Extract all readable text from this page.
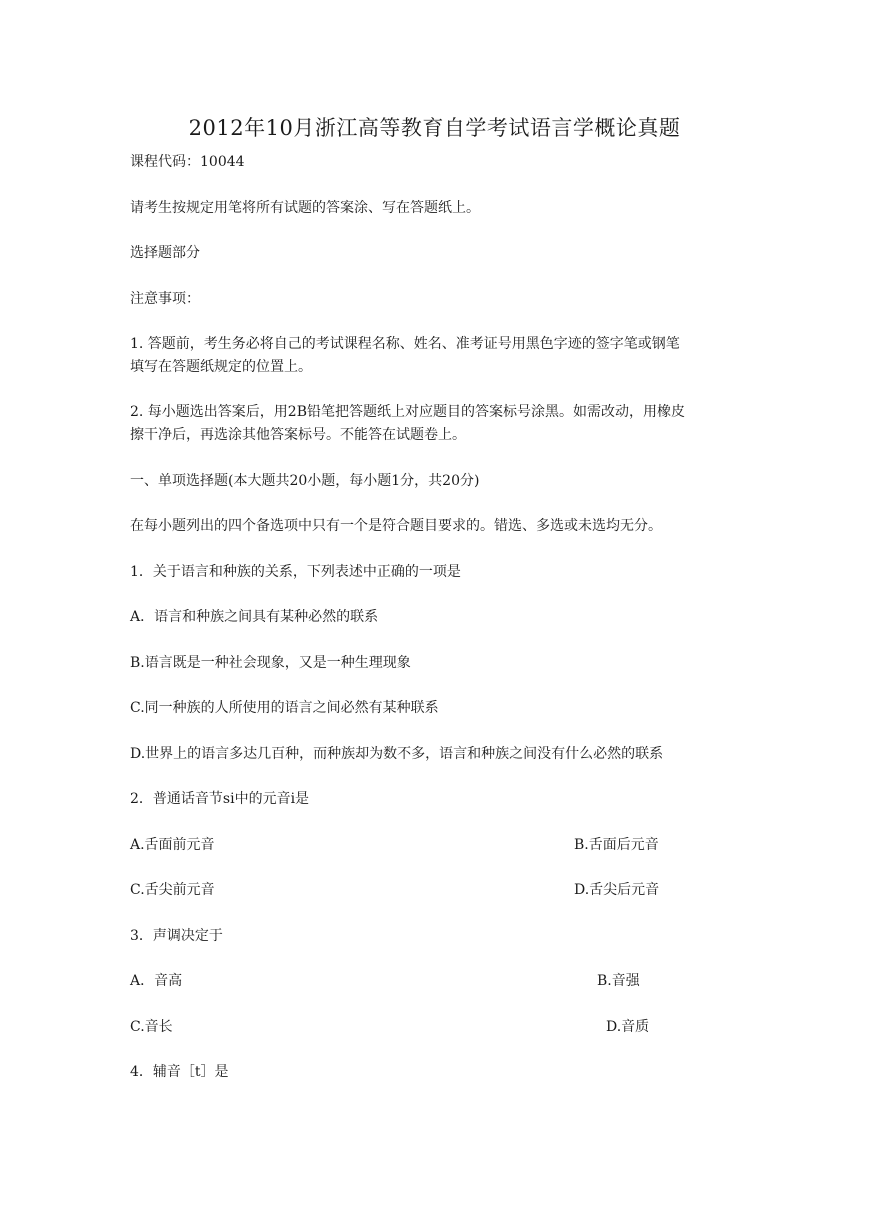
2012年10月浙江高等教育自学考试语言学概论真题
课程代码：10044
请考生按规定用笔将所有试题的答案涂、写在答题纸上。
选择题部分
注意事项：
1. 答题前，考生务必将自己的考试课程名称、姓名、准考证号用黑色字迹的签字笔或钢笔
填写在答题纸规定的位置上。
2. 每小题选出答案后，用2B铅笔把答题纸上对应题目的答案标号涂黑。如需改动，用橡皮
擦干净后，再选涂其他答案标号。不能答在试题卷上。
一、单项选择题(本大题共20小题，每小题1分，共20分)
在每小题列出的四个备选项中只有一个是符合题目要求的。错选、多选或未选均无分。
1．关于语言和种族的关系，下列表述中正确的一项是
A．语言和种族之间具有某种必然的联系
B.语言既是一种社会现象，又是一种生理现象
C.同一种族的人所使用的语言之间必然有某种联系
D.世界上的语言多达几百种，而种族却为数不多，语言和种族之间没有什么必然的联系
2．普通话音节si中的元音i是
A.舌面前元音	B.舌面后元音
C.舌尖前元音	D.舌尖后元音
3．声调决定于
A．音高	B.音强
C.音长	D.音质
4．辅音［t］是
